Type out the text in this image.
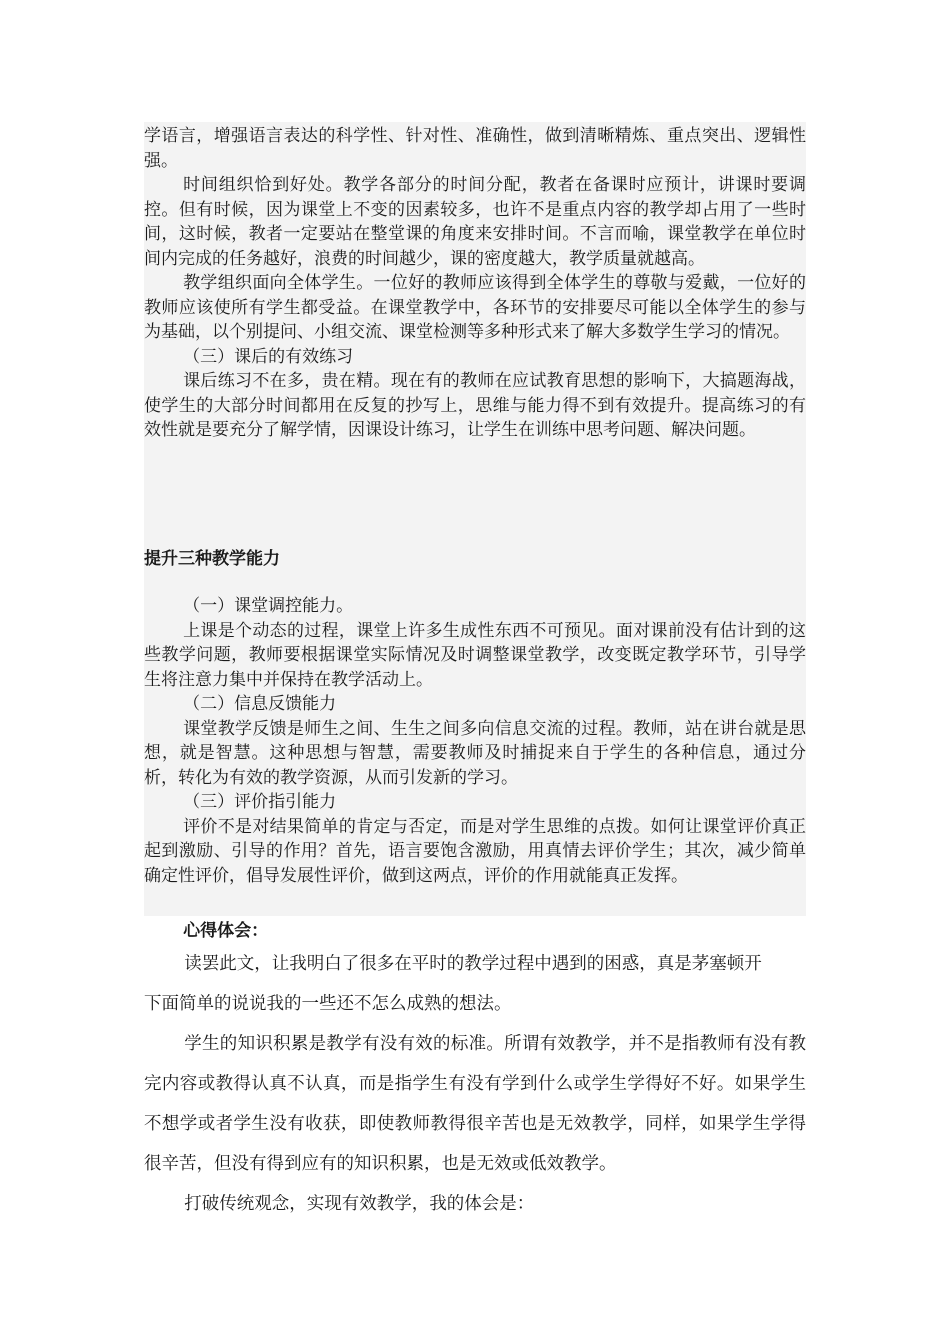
学语言，增强语言表达的科学性、针对性、准确性，做到清晰精炼、重点突出、逻辑性强。

时间组织恰到好处。教学各部分的时间分配，教者在备课时应预计，讲课时要调控。但有时候，因为课堂上不变的因素较多，也许不是重点内容的教学却占用了一些时间，这时候，教者一定要站在整堂课的角度来安排时间。不言而喻，课堂教学在单位时间内完成的任务越好，浪费的时间越少，课的密度越大，教学质量就越高。

教学组织面向全体学生。一位好的教师应该得到全体学生的尊敬与爱戴，一位好的教师应该使所有学生都受益。在课堂教学中，各环节的安排要尽可能以全体学生的参与为基础，以个别提问、小组交流、课堂检测等多种形式来了解大多数学生学习的情况。

（三）课后的有效练习

课后练习不在多，贵在精。现在有的教师在应试教育思想的影响下，大搞题海战，使学生的大部分时间都用在反复的抄写上，思维与能力得不到有效提升。提高练习的有效性就是要充分了解学情，因课设计练习，让学生在训练中思考问题、解决问题。

提升三种教学能力

（一）课堂调控能力。

上课是个动态的过程，课堂上许多生成性东西不可预见。面对课前没有估计到的这些教学问题，教师要根据课堂实际情况及时调整课堂教学，改变既定教学环节，引导学生将注意力集中并保持在教学活动上。

（二）信息反馈能力

课堂教学反馈是师生之间、生生之间多向信息交流的过程。教师，站在讲台就是思想，就是智慧。这种思想与智慧，需要教师及时捕捉来自于学生的各种信息，通过分析，转化为有效的教学资源，从而引发新的学习。

（三）评价指引能力

评价不是对结果简单的肯定与否定，而是对学生思维的点拨。如何让课堂评价真正起到激励、引导的作用？首先，语言要饱含激励，用真情去评价学生；其次，减少简单确定性评价，倡导发展性评价，做到这两点，评价的作用就能真正发挥。

心得体会：

读罢此文，让我明白了很多在平时的教学过程中遇到的困惑，真是茅塞顿开

下面简单的说说我的一些还不怎么成熟的想法。

学生的知识积累是教学有没有效的标准。所谓有效教学，并不是指教师有没有教完内容或教得认真不认真，而是指学生有没有学到什么或学生学得好不好。如果学生不想学或者学生没有收获，即使教师教得很辛苦也是无效教学，同样，如果学生学得很辛苦，但没有得到应有的知识积累，也是无效或低效教学。

打破传统观念，实现有效教学，我的体会是：
